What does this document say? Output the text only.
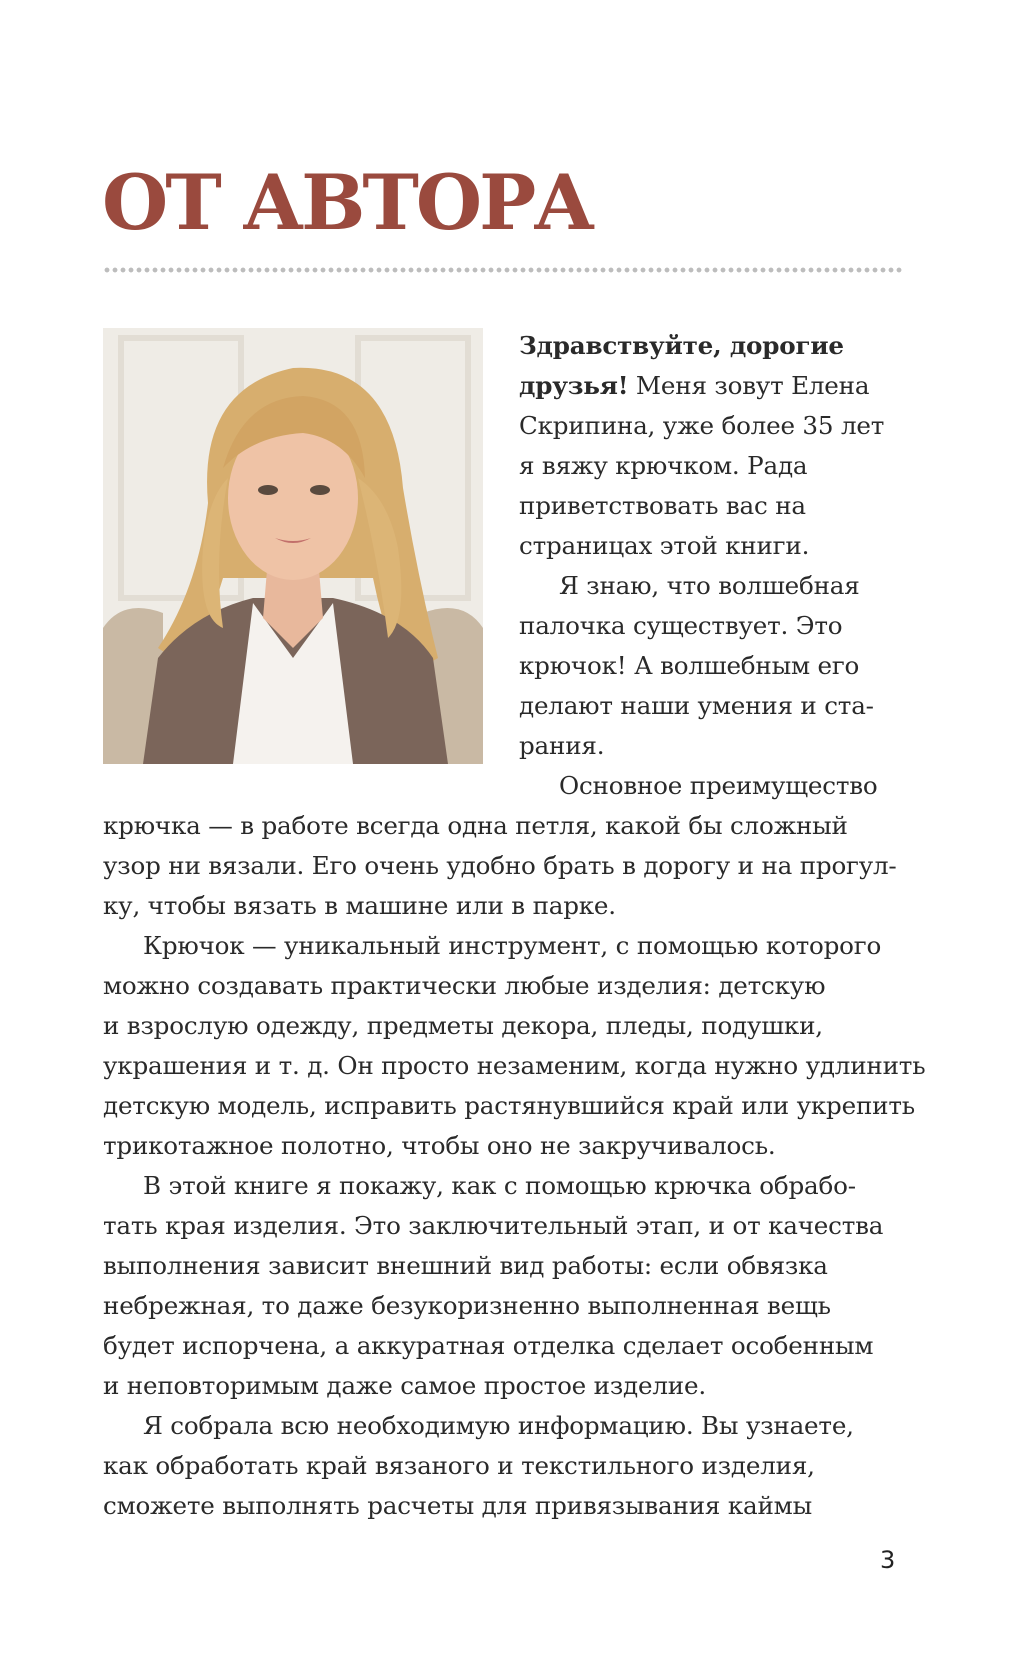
ОТ АВТОРА
Здравствуйте, дорогие
друзья! Меня зовут Елена
Скрипина, уже более 35 лет
я вяжу крючком. Рада
приветствовать вас на
страницах этой книги.
Я знаю, что волшебная
палочка существует. Это
крючок! А волшебным его
делают наши умения и ста-
рания.
Основное преимущество
крючка — в работе всегда одна петля, какой бы сложный
узор ни вязали. Его очень удобно брать в дорогу и на прогул-
ку, чтобы вязать в машине или в парке.
Крючок — уникальный инструмент, с помощью которого
можно создавать практически любые изделия: детскую
и взрослую одежду, предметы декора, пледы, подушки,
украшения и т. д. Он просто незаменим, когда нужно удлинить
детскую модель, исправить растянувшийся край или укрепить
трикотажное полотно, чтобы оно не закручивалось.
В этой книге я покажу, как с помощью крючка обрабо-
тать края изделия. Это заключительный этап, и от качества
выполнения зависит внешний вид работы: если обвязка
небрежная, то даже безукоризненно выполненная вещь
будет испорчена, а аккуратная отделка сделает особенным
и неповторимым даже самое простое изделие.
Я собрала всю необходимую информацию. Вы узнаете,
как обработать край вязаного и текстильного изделия,
сможете выполнять расчеты для привязывания каймы
3
